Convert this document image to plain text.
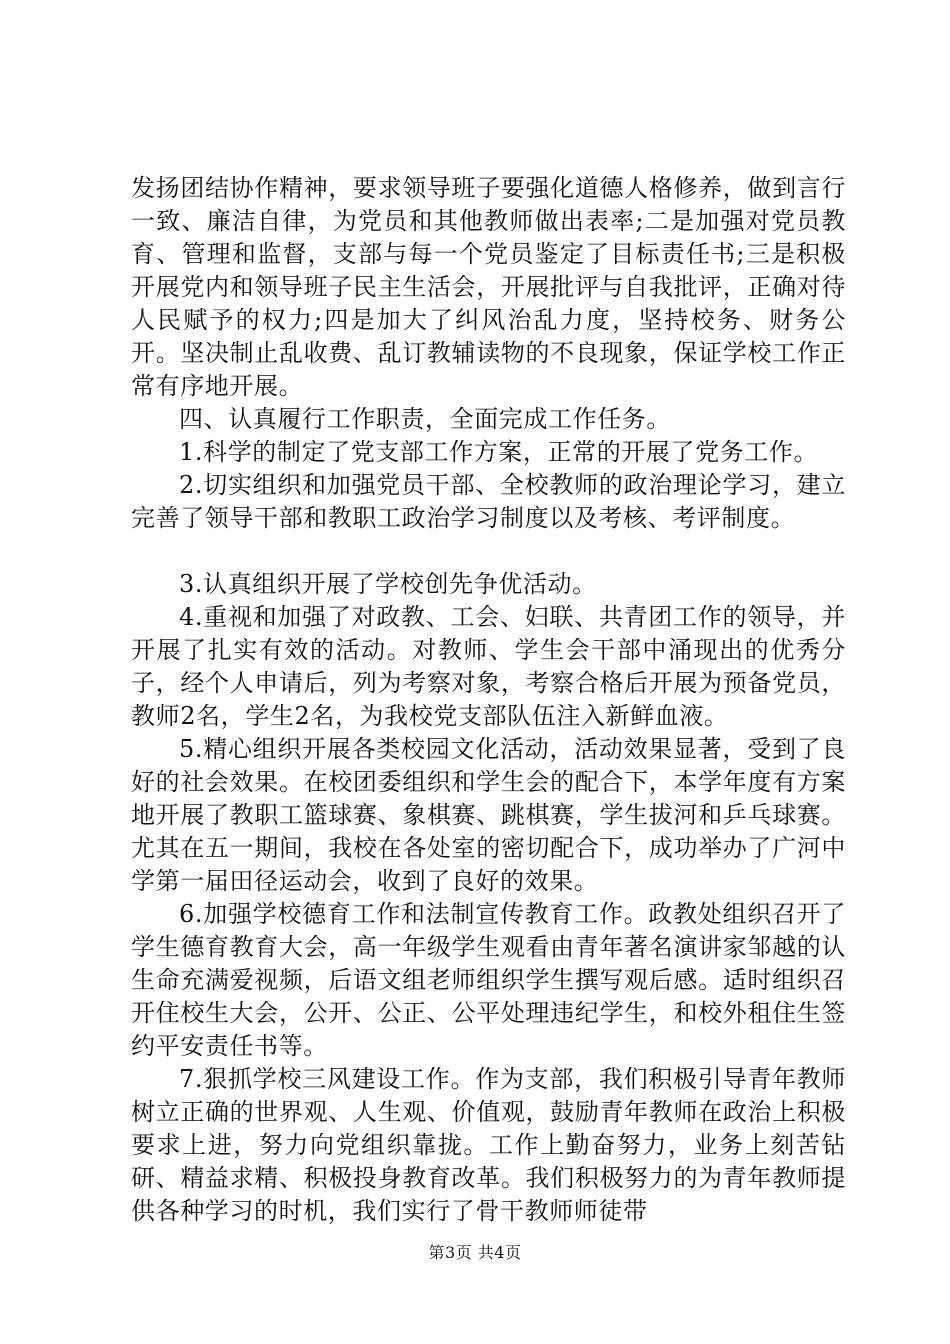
发扬团结协作精神，要求领导班子要强化道德人格修养，做到言行一致、廉洁自律，为党员和其他教师做出表率;二是加强对党员教育、管理和监督，支部与每一个党员鉴定了目标责任书;三是积极开展党内和领导班子民主生活会，开展批评与自我批评，正确对待人民赋予的权力;四是加大了纠风治乱力度，坚持校务、财务公开。坚决制止乱收费、乱订教辅读物的不良现象，保证学校工作正常有序地开展。

四、认真履行工作职责，全面完成工作任务。

1.科学的制定了党支部工作方案，正常的开展了党务工作。

2.切实组织和加强党员干部、全校教师的政治理论学习，建立完善了领导干部和教职工政治学习制度以及考核、考评制度。

3.认真组织开展了学校创先争优活动。

4.重视和加强了对政教、工会、妇联、共青团工作的领导，并开展了扎实有效的活动。对教师、学生会干部中涌现出的优秀分子，经个人申请后，列为考察对象，考察合格后开展为预备党员，教师2名，学生2名，为我校党支部队伍注入新鲜血液。

5.精心组织开展各类校园文化活动，活动效果显著，受到了良好的社会效果。在校团委组织和学生会的配合下，本学年度有方案地开展了教职工篮球赛、象棋赛、跳棋赛，学生拔河和乒乓球赛。尤其在五一期间，我校在各处室的密切配合下，成功举办了广河中学第一届田径运动会，收到了良好的效果。

6.加强学校德育工作和法制宣传教育工作。政教处组织召开了学生德育教育大会，高一年级学生观看由青年著名演讲家邹越的认生命充满爱视频，后语文组老师组织学生撰写观后感。适时组织召开住校生大会，公开、公正、公平处理违纪学生，和校外租住生签约平安责任书等。

7.狠抓学校三风建设工作。作为支部，我们积极引导青年教师树立正确的世界观、人生观、价值观，鼓励青年教师在政治上积极要求上进，努力向党组织靠拢。工作上勤奋努力，业务上刻苦钻研、精益求精、积极投身教育改革。我们积极努力的为青年教师提供各种学习的时机，我们实行了骨干教师师徒带

第3页 共4页
